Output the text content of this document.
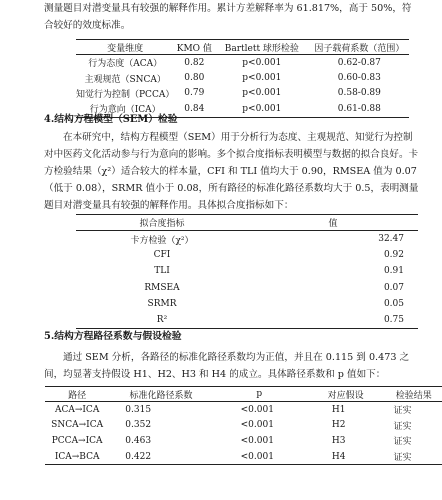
测量题目对潜变量具有较强的解释作用。累计方差解释率为 61.817%，高于 50%，符

合较好的效度标准。

变量维度	KMO 值	Bartlett 球形检验	因子载荷系数（范围）
行为态度（ACA）	0.82	p<0.001	0.62-0.87
主观规范（SNCA）	0.80	p<0.001	0.60-0.83
知觉行为控制（PCCA）	0.79	p<0.001	0.58-0.89
行为意向（ICA）	0.84	p<0.001	0.61-0.88

4.结构方程模型（SEM）检验

在本研究中，结构方程模型（SEM）用于分析行为态度、主观规范、知觉行为控制对中医药文化活动参与行为意向的影响。多个拟合度指标表明模型与数据的拟合良好。卡方检验结果（χ²）适合较大的样本量，CFI 和 TLI 值均大于 0.90，RMSEA 值为 0.07（低于 0.08），SRMR 值小于 0.08，所有路径的标准化路径系数均大于 0.5，表明测量题目对潜变量具有较强的解释作用。具体拟合度指标如下：

拟合度指标	值
卡方检验（χ²）	32.47
CFI	0.92
TLI	0.91
RMSEA	0.07
SRMR	0.05
R²	0.75

5.结构方程路径系数与假设检验

通过 SEM 分析，各路径的标准化路径系数均为正值，并且在 0.115 到 0.473 之间，均显著支持假设 H1、H2、H3 和 H4 的成立。具体路径系数和 p 值如下：

路径	标准化路径系数	p	对应假设	检验结果
ACA→ICA	0.315	<0.001	H1	证实
SNCA→ICA	0.352	<0.001	H2	证实
PCCA→ICA	0.463	<0.001	H3	证实
ICA→BCA	0.422	<0.001	H4	证实
